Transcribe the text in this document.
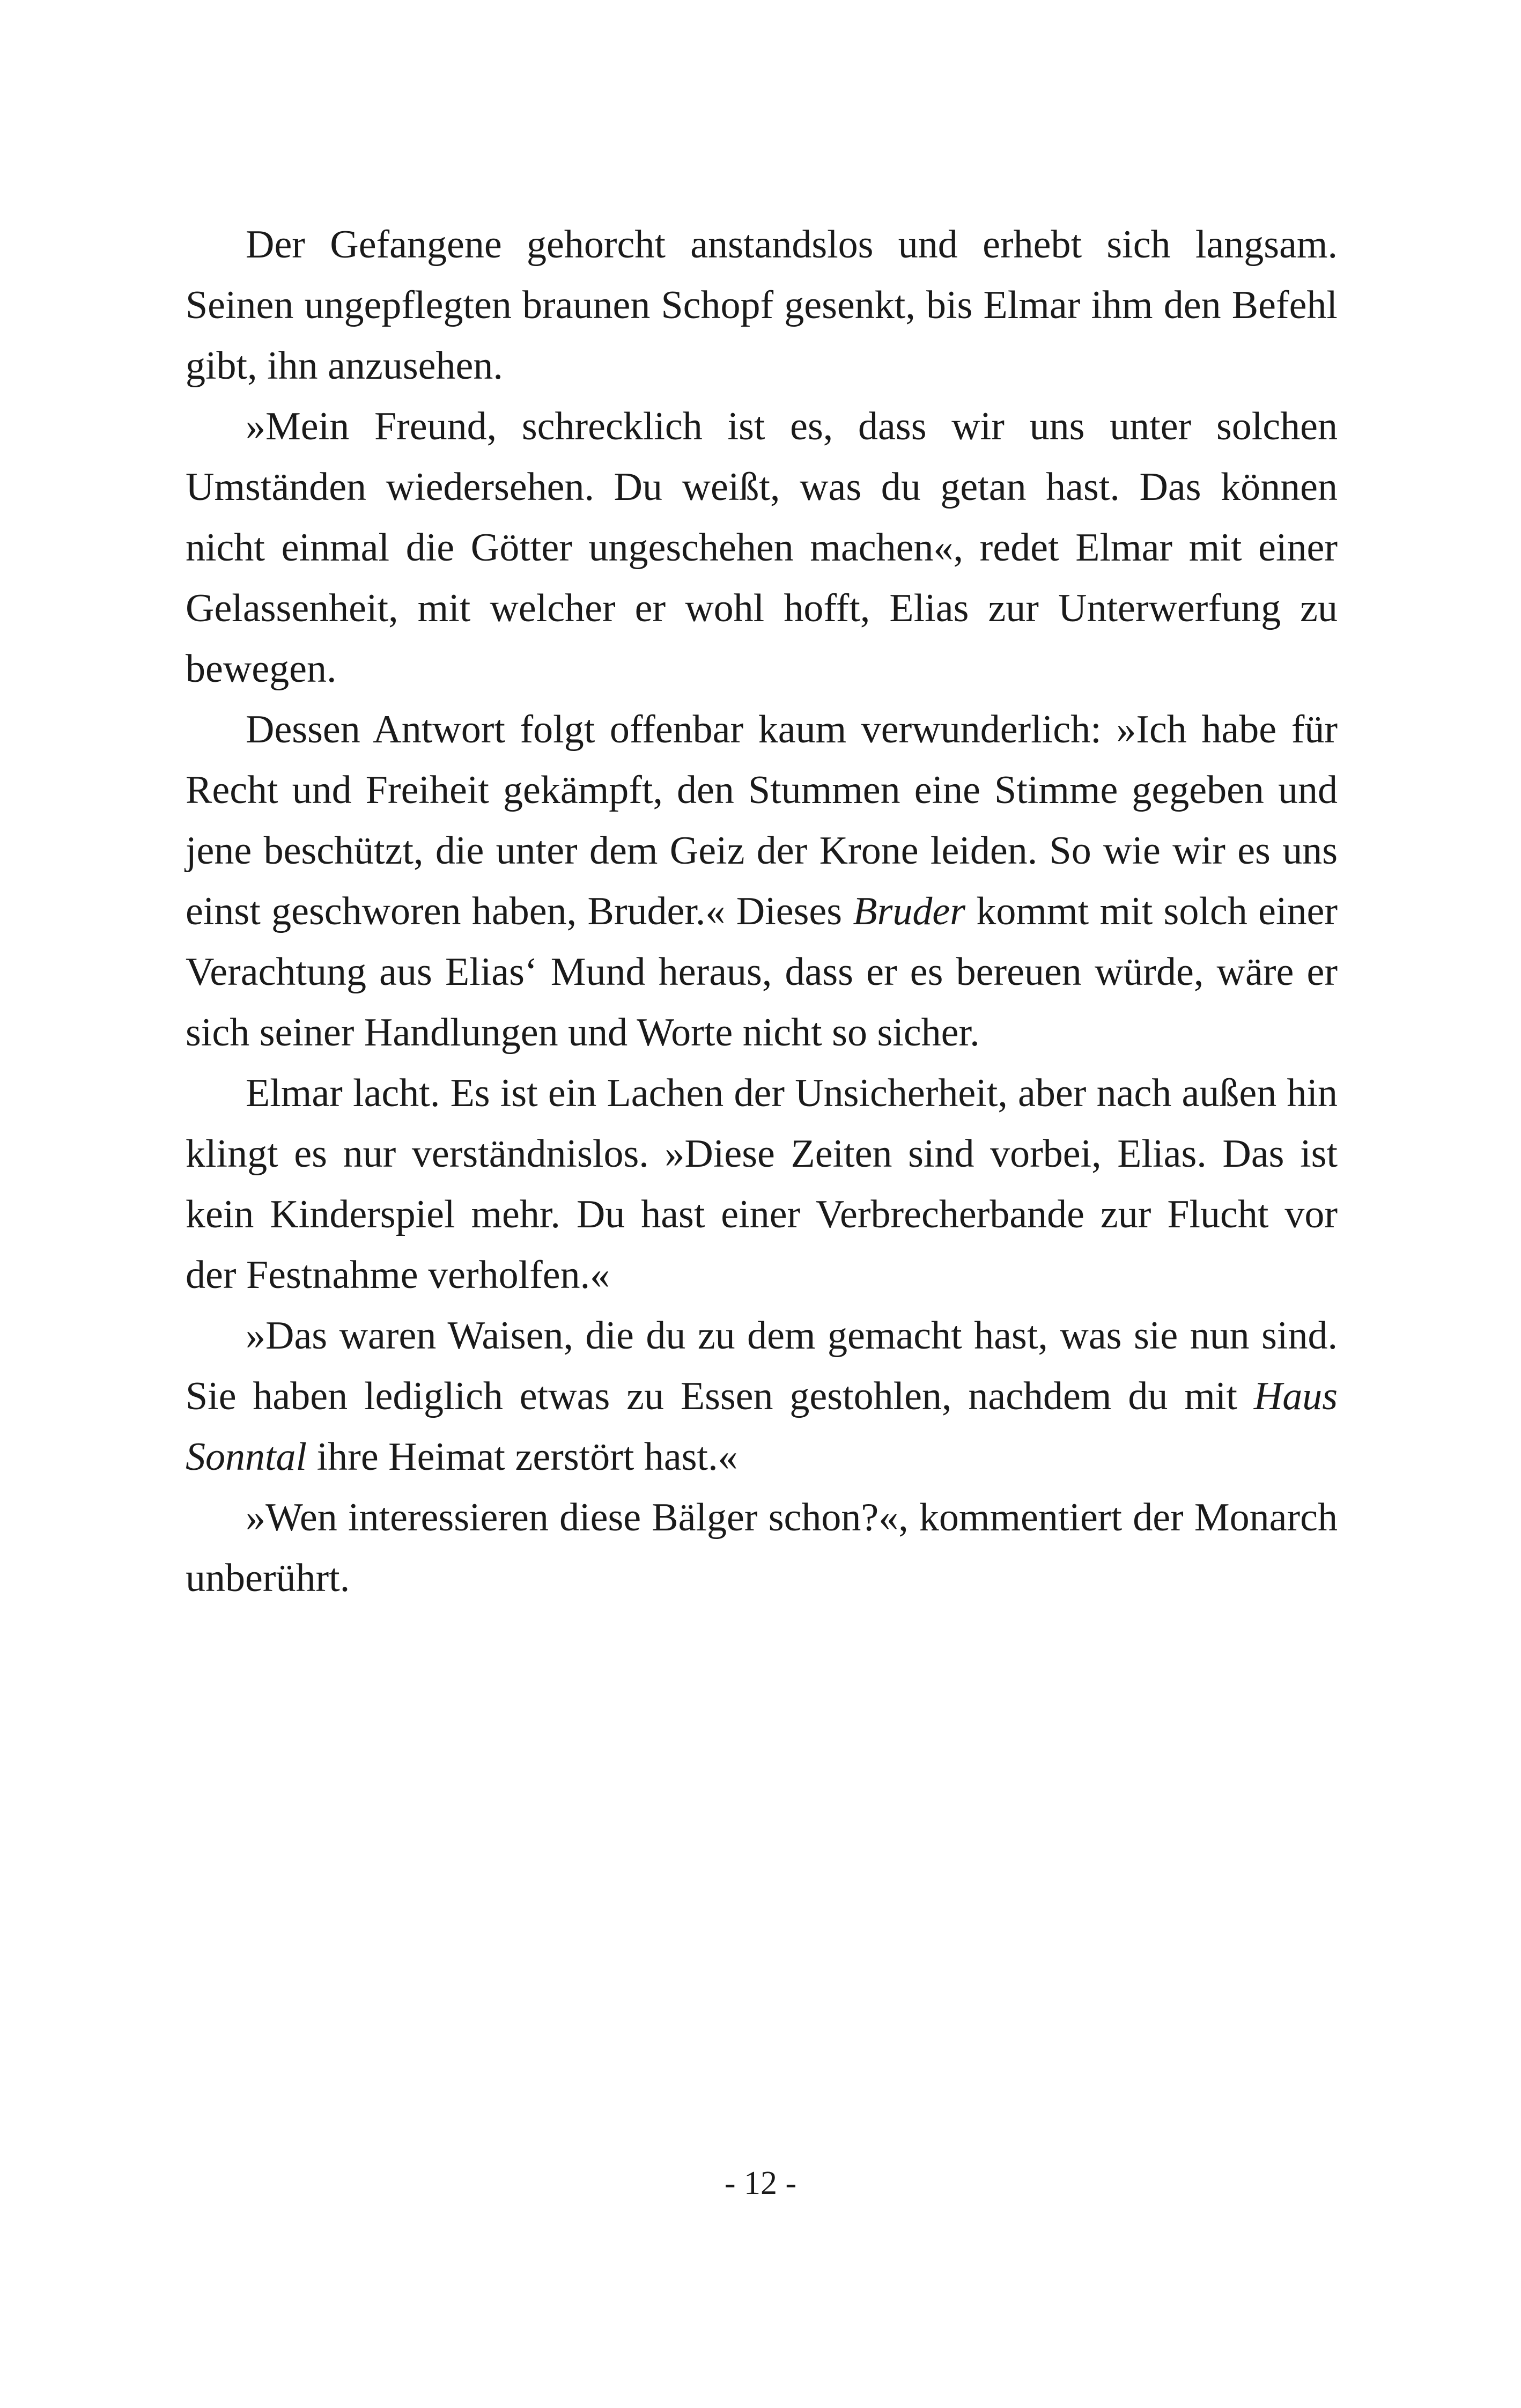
Der Gefangene gehorcht anstandslos und erhebt sich langsam. Seinen ungepflegten braunen Schopf gesenkt, bis Elmar ihm den Befehl gibt, ihn anzusehen.

»Mein Freund, schrecklich ist es, dass wir uns unter solchen Umständen wiedersehen. Du weißt, was du getan hast. Das können nicht einmal die Götter ungeschehen machen«, redet Elmar mit einer Gelassenheit, mit welcher er wohl hofft, Elias zur Unterwerfung zu bewegen.

Dessen Antwort folgt offenbar kaum verwunderlich: »Ich habe für Recht und Freiheit gekämpft, den Stummen eine Stimme gegeben und jene beschützt, die unter dem Geiz der Krone leiden. So wie wir es uns einst geschworen haben, Bruder.« Dieses Bruder kommt mit solch einer Verachtung aus Elias‘ Mund heraus, dass er es bereuen würde, wäre er sich seiner Handlungen und Worte nicht so sicher.

Elmar lacht. Es ist ein Lachen der Unsicherheit, aber nach außen hin klingt es nur verständnislos. »Diese Zeiten sind vorbei, Elias. Das ist kein Kinderspiel mehr. Du hast einer Verbrecherbande zur Flucht vor der Festnahme verholfen.«

»Das waren Waisen, die du zu dem gemacht hast, was sie nun sind. Sie haben lediglich etwas zu Essen gestohlen, nachdem du mit Haus Sonntal ihre Heimat zerstört hast.«

»Wen interessieren diese Bälger schon?«, kommentiert der Monarch unberührt.

- 12 -
